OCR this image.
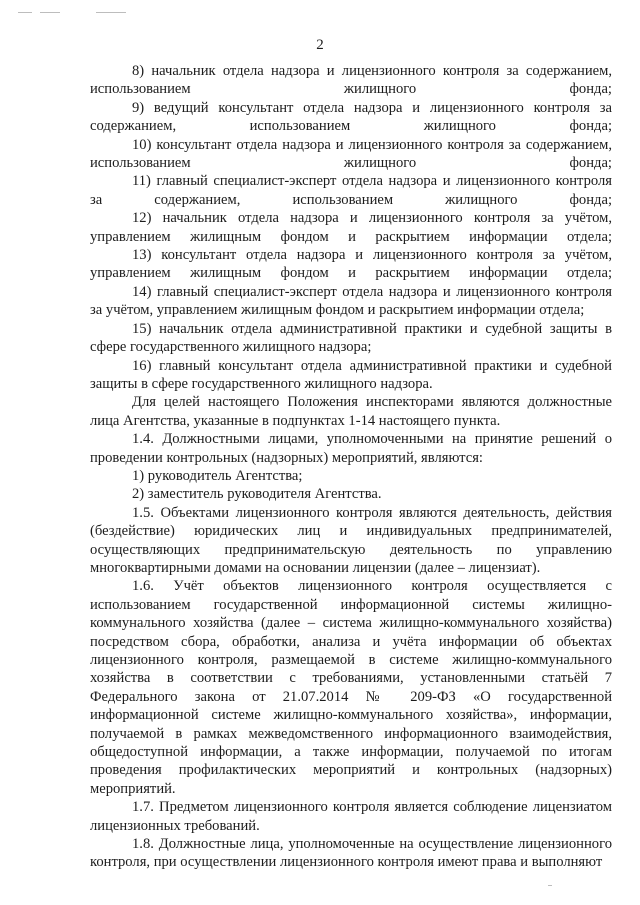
2

8) начальник отдела надзора и лицензионного контроля за содержанием, использованием жилищного фонда;

9) ведущий консультант отдела надзора и лицензионного контроля за содержанием, использованием жилищного фонда;

10) консультант отдела надзора и лицензионного контроля за содержанием, использованием жилищного фонда;

11) главный специалист-эксперт отдела надзора и лицензионного контроля за содержанием, использованием жилищного фонда;

12) начальник отдела надзора и лицензионного контроля за учётом, управлением жилищным фондом и раскрытием информации отдела;

13) консультант отдела надзора и лицензионного контроля за учётом, управлением жилищным фондом и раскрытием информации отдела;

14) главный специалист-эксперт отдела надзора и лицензионного контроля за учётом, управлением жилищным фондом и раскрытием информации отдела;

15) начальник отдела административной практики и судебной защиты в сфере государственного жилищного надзора;

16) главный консультант отдела административной практики и судебной защиты в сфере государственного жилищного надзора.

Для целей настоящего Положения инспекторами являются должностные лица Агентства, указанные в подпунктах 1-14 настоящего пункта.

1.4. Должностными лицами, уполномоченными на принятие решений о проведении контрольных (надзорных) мероприятий, являются:

1) руководитель Агентства;

2) заместитель руководителя Агентства.

1.5. Объектами лицензионного контроля являются деятельность, действия (бездействие) юридических лиц и индивидуальных предпринимателей, осуществляющих предпринимательскую деятельность по управлению многоквартирными домами на основании лицензии (далее – лицензиат).

1.6. Учёт объектов лицензионного контроля осуществляется с использованием государственной информационной системы жилищно-коммунального хозяйства (далее – система жилищно-коммунального хозяйства) посредством сбора, обработки, анализа и учёта информации об объектах лицензионного контроля, размещаемой в системе жилищно-коммунального хозяйства в соответствии с требованиями, установленными статьёй 7 Федерального закона от 21.07.2014 № 209-ФЗ «О государственной информационной системе жилищно-коммунального хозяйства», информации, получаемой в рамках межведомственного информационного взаимодействия, общедоступной информации, а также информации, получаемой по итогам проведения профилактических мероприятий и контрольных (надзорных) мероприятий.

1.7. Предметом лицензионного контроля является соблюдение лицензиатом лицензионных требований.

1.8. Должностные лица, уполномоченные на осуществление лицензионного контроля, при осуществлении лицензионного контроля имеют права и выполняют
